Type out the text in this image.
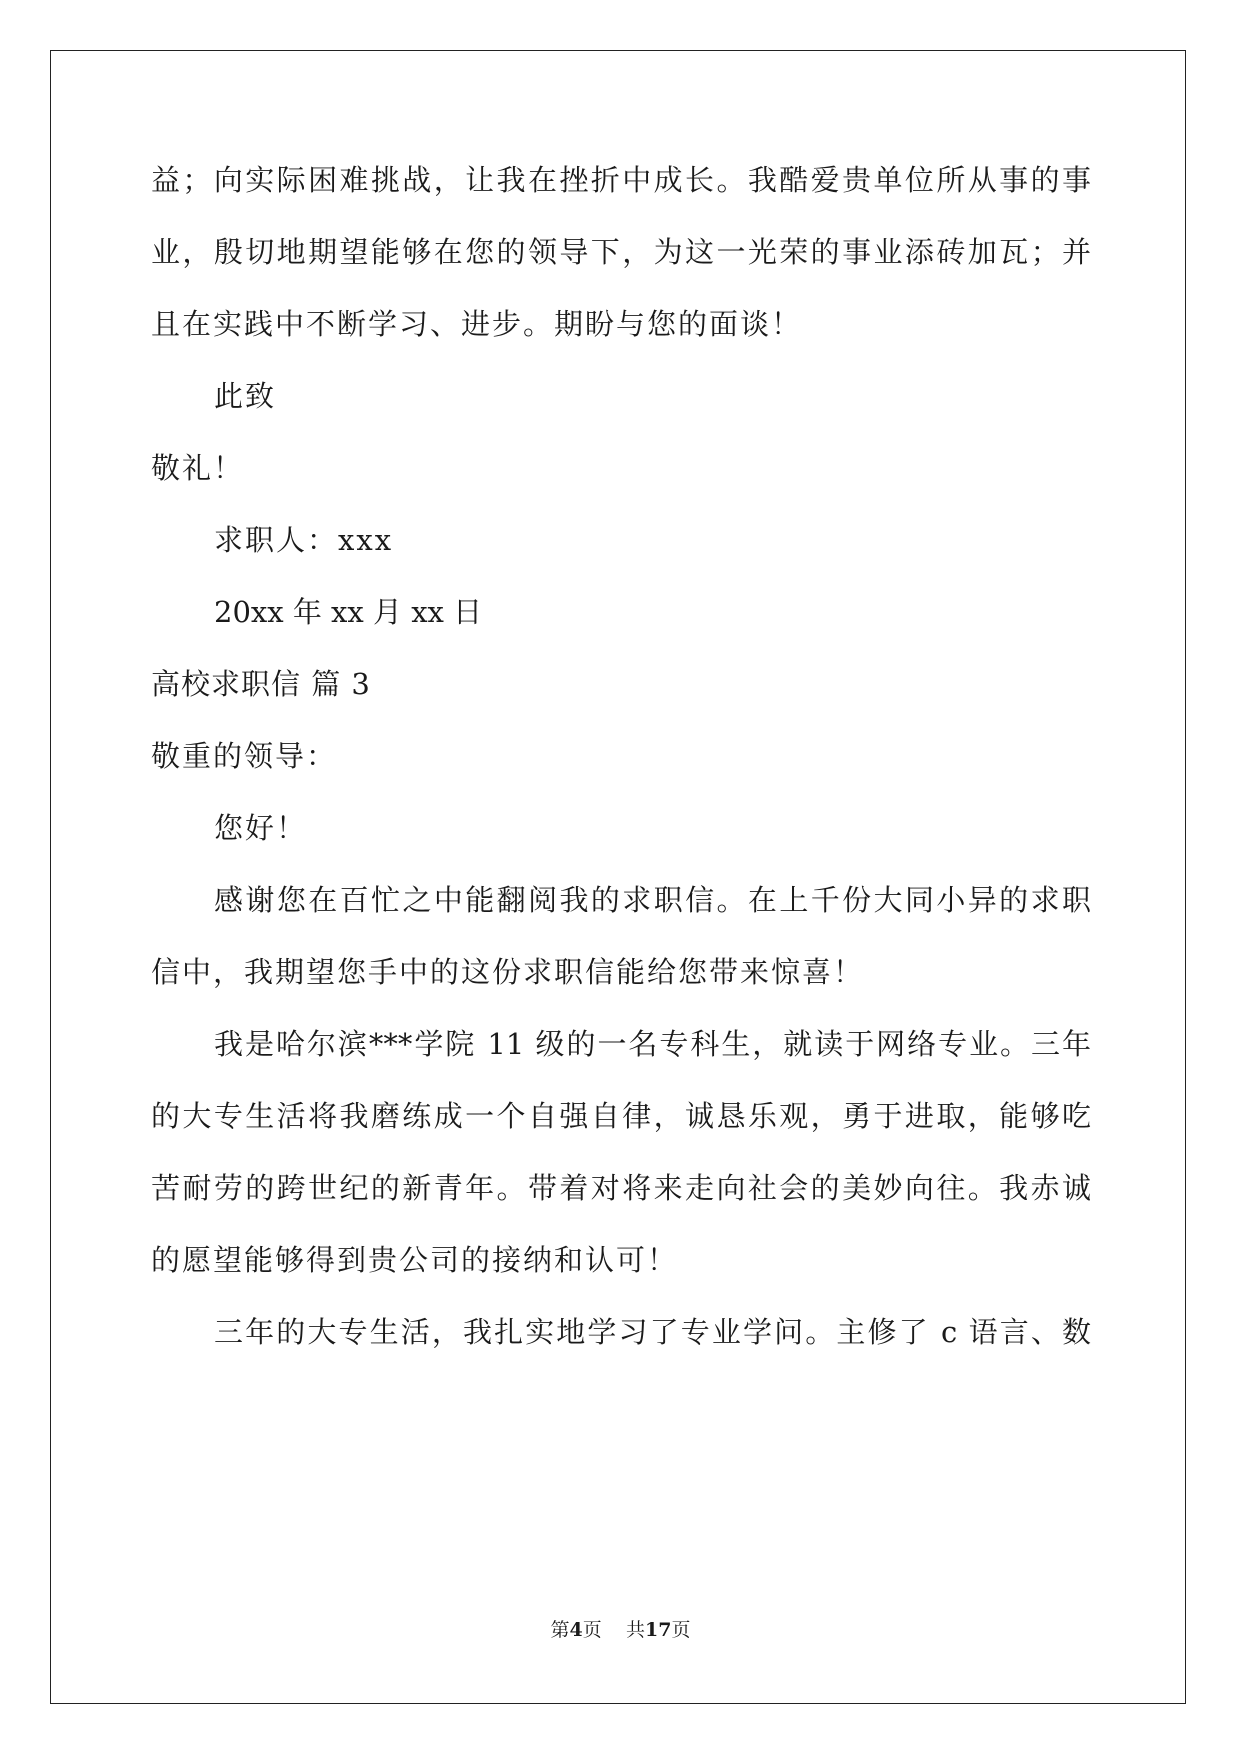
益；向实际困难挑战，让我在挫折中成长。我酷爱贵单位所从事的事
业，殷切地期望能够在您的领导下，为这一光荣的事业添砖加瓦；并
且在实践中不断学习、进步。期盼与您的面谈！
此致
敬礼！
求职人：xxx
20xx 年 xx 月 xx 日
高校求职信 篇 3
敬重的领导：
您好！
感谢您在百忙之中能翻阅我的求职信。在上千份大同小异的求职
信中，我期望您手中的这份求职信能给您带来惊喜！
我是哈尔滨***学院 11 级的一名专科生，就读于网络专业。三年
的大专生活将我磨练成一个自强自律，诚恳乐观，勇于进取，能够吃
苦耐劳的跨世纪的新青年。带着对将来走向社会的美妙向往。我赤诚
的愿望能够得到贵公司的接纳和认可！
三年的大专生活，我扎实地学习了专业学问。主修了 c 语言、数
第4页 共17页
